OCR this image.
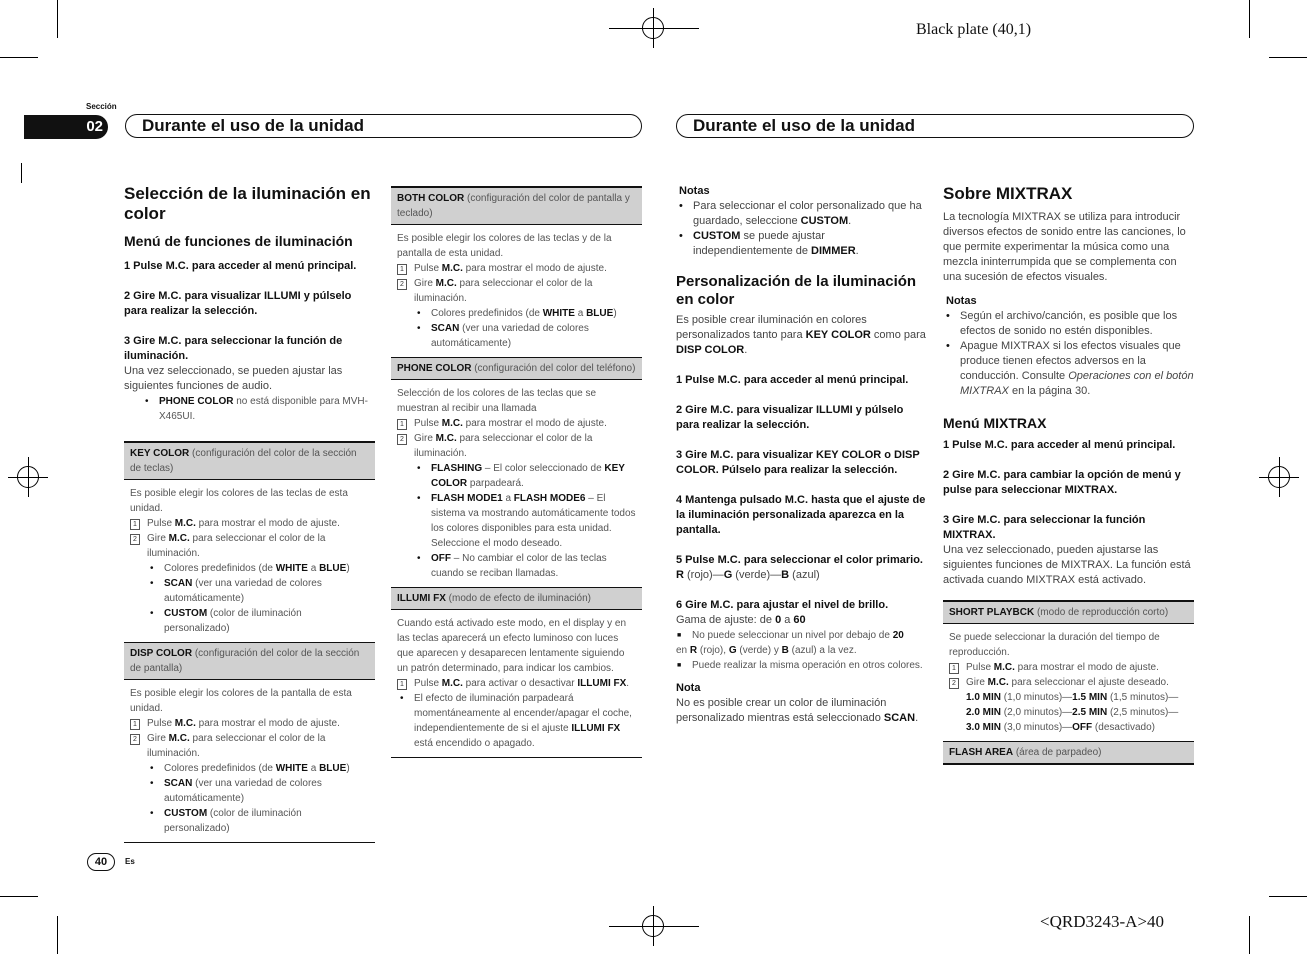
Black plate (40,1)
Sección
02	Durante el uso de la unidad	Durante el uso de la unidad

Selección de la iluminación en color

Menú de funciones de iluminación

1 Pulse M.C. para acceder al menú principal.

2 Gire M.C. para visualizar ILLUMI y púlselo para realizar la selección.

3 Gire M.C. para seleccionar la función de iluminación.

Una vez seleccionado, se pueden ajustar las siguientes funciones de audio.

• PHONE COLOR no está disponible para MVH-X465UI.
KEY COLOR (configuración del color de la sección de teclas)

Es posible elegir los colores de las teclas de esta unidad.

1	Pulse M.C. para mostrar el modo de ajuste.
2	Gire M.C. para seleccionar el color de la iluminación.
• Colores predefinidos (de WHITE a BLUE)
• SCAN (ver una variedad de colores automáticamente)
• CUSTOM (color de iluminación personalizado)
DISP COLOR (configuración del color de la sección de pantalla)

Es posible elegir los colores de la pantalla de esta unidad.

1	Pulse M.C. para mostrar el modo de ajuste.
2	Gire M.C. para seleccionar el color de la iluminación.
• Colores predefinidos (de WHITE a BLUE)
• SCAN (ver una variedad de colores automáticamente)
• CUSTOM (color de iluminación personalizado)
BOTH COLOR (configuración del color de pantalla y teclado)

Es posible elegir los colores de las teclas y de la pantalla de esta unidad.

1	Pulse M.C. para mostrar el modo de ajuste.
2	Gire M.C. para seleccionar el color de la iluminación.
• Colores predefinidos (de WHITE a BLUE)
• SCAN (ver una variedad de colores automáticamente)
PHONE COLOR (configuración del color del teléfono)

Selección de los colores de las teclas que se muestran al recibir una llamada

1	Pulse M.C. para mostrar el modo de ajuste.
2	Gire M.C. para seleccionar el color de la iluminación.
• FLASHING – El color seleccionado de KEY COLOR parpadeará.
• FLASH MODE1 a FLASH MODE6 – El sistema va mostrando automáticamente todos los colores disponibles para esta unidad. Seleccione el modo deseado.
• OFF – No cambiar el color de las teclas cuando se reciban llamadas.
ILLUMI FX (modo de efecto de iluminación)

Cuando está activado este modo, en el display y en las teclas aparecerá un efecto luminoso con luces que aparecen y desaparecen lentamente siguiendo un patrón determinado, para indicar los cambios.

1	Pulse M.C. para activar o desactivar ILLUMI FX.
• El efecto de iluminación parpadeará momentáneamente al encender/apagar el coche, independientemente de si el ajuste ILLUMI FX está encendido o apagado.

Notas

• Para seleccionar el color personalizado que ha guardado, seleccione CUSTOM.
• CUSTOM se puede ajustar independientemente de DIMMER.

Personalización de la iluminación en color

Es posible crear iluminación en colores personalizados tanto para KEY COLOR como para DISP COLOR.

1 Pulse M.C. para acceder al menú principal.

2 Gire M.C. para visualizar ILLUMI y púlselo para realizar la selección.

3 Gire M.C. para visualizar KEY COLOR o DISP COLOR. Púlselo para realizar la selección.

4 Mantenga pulsado M.C. hasta que el ajuste de la iluminación personalizada aparezca en la pantalla.

5 Pulse M.C. para seleccionar el color primario.

R (rojo)—G (verde)—B (azul)

6 Gire M.C. para ajustar el nivel de brillo.

Gama de ajuste: de 0 a 60

■ No puede seleccionar un nivel por debajo de 20

en R (rojo), G (verde) y B (azul) a la vez.

■ Puede realizar la misma operación en otros colores.

Nota

No es posible crear un color de iluminación personalizado mientras está seleccionado SCAN.

Sobre MIXTRAX

La tecnología MIXTRAX se utiliza para introducir diversos efectos de sonido entre las canciones, lo que permite experimentar la música como una mezcla ininterrumpida que se complementa con una sucesión de efectos visuales.

Notas

• Según el archivo/canción, es posible que los efectos de sonido no estén disponibles.
• Apague MIXTRAX si los efectos visuales que produce tienen efectos adversos en la conducción. Consulte Operaciones con el botón MIXTRAX en la página 30.

Menú MIXTRAX

1 Pulse M.C. para acceder al menú principal.

2 Gire M.C. para cambiar la opción de menú y pulse para seleccionar MIXTRAX.

3 Gire M.C. para seleccionar la función MIXTRAX.

Una vez seleccionado, pueden ajustarse las siguientes funciones de MIXTRAX. La función está activada cuando MIXTRAX está activado.

SHORT PLAYBCK (modo de reproducción corto)

Se puede seleccionar la duración del tiempo de reproducción.

1	Pulse M.C. para mostrar el modo de ajuste.
2	Gire M.C. para seleccionar el ajuste deseado.

1.0 MIN (1,0 minutos)—1.5 MIN (1,5 minutos)—2.0 MIN (2,0 minutos)—2.5 MIN (2,5 minutos)—3.0 MIN (3,0 minutos)—OFF (desactivado)

FLASH AREA (área de parpadeo)
40	Es
<QRD3243-A>40
